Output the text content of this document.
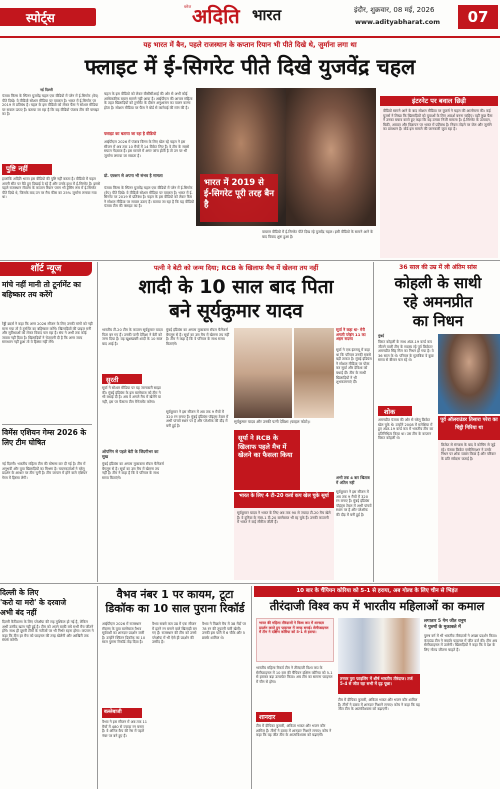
स्पोर्ट्स
ब्लेज अदिति भारत	इंदौर, शुक्रवार, 08 मई, 2026
www.adityabharat.com	07
यह भारत में बैन, पहले राजस्थान के कप्तान रियान भी पीते दिखे थे, जुर्माना लगा था
फ्लाइट में ई-सिगरेट पीते दिखे युजवेंद्र चहल
नई दिल्ली
पंजाब किंग्स के स्पिनर युजवेंद्र चहल एक वीडियो में प्लेन में ई-सिगरेट (वेप) पीते दिखे। ये वीडियो सोशल मीडिया पर वायरल है। भारत में ई-सिगरेट पर 2019 से प्रतिबंध है। चहल के इस वीडियो को लेकर फैंस ने सोशल मीडिया पर सवाल उठाए हैं। बताया जा रहा है कि यह वीडियो पंजाब टीम की फ्लाइट का है।
पुष्टि नहीं
हालांकि अदिति भारत इस वीडियो की पुष्टि नहीं करता है। वीडियो में चहल अपनी सीट पर बैठे हुए दिखाई दे रहे हैं और उनके हाथ में ई-सिगरेट है। इससे पहले राजस्थान रॉयल्स के कप्तान रियान पराग भी ड्रेसिंग रूम में ई-सिगरेट पीते दिखे थे, जिसके बाद उन पर मैच फीस का 25% जुर्माना लगाया गया था।
चहल के इस वीडियो को लेकर बीसीसीआई की ओर से अभी कोई आधिकारिक बयान सामने नहीं आया है। आईपीएल की आचार संहिता के तहत खिलाड़ियों को टूर्नामेंट के दौरान अनुशासन का पालन करना होता है। सोशल मीडिया पर फैंस ने बोर्ड से कार्रवाई की मांग की है।
फ्लाइट का बताया जा रहा है वीडियो
आईपीएल 2026 में पंजाब किंग्स के लिए खेल रहे चहल ने इस सीजन में अब तक 10 मैचों में 14 विकेट लिए हैं। वे टीम के सबसे सफल गेंदबाज हैं। इस मामले में अगर जांच होती है तो उन पर भी जुर्माना लगाया जा सकता है।
प्रो. एक्शन से अपना भी संभव है मामला
पंजाब किंग्स के स्पिनर युजवेंद्र चहल एक वीडियो में प्लेन में ई-सिगरेट (वेप) पीते दिखे। ये वीडियो सोशल मीडिया पर वायरल है। भारत में ई-सिगरेट पर 2019 से प्रतिबंध है। चहल के इस वीडियो को लेकर फैंस ने सोशल मीडिया पर सवाल उठाए हैं। बताया जा रहा है कि यह वीडियो पंजाब टीम की फ्लाइट का है।
भारत में 2019 से ई-सिगरेट पूरी तरह बैन है
वायरल वीडियो में ई-सिगरेट पीते दिख रहे युजवेंद्र चहल। इसी वीडियो के सामने आने के बाद विवाद शुरू हुआ है।
इंटरनेट पर बवाल छिड़ी
वीडियो सामने आने के बाद सोशल मीडिया पर यूजर्स ने चहल की आलोचना की। कई यूजर्स ने लिखा कि खिलाड़ियों को युवाओं के लिए आदर्श बनना चाहिए। वहीं कुछ फैंस ने उनका बचाव करते हुए कहा कि यह उनका निजी मामला है। ई-सिगरेट के उत्पादन, बिक्री, आयात और विज्ञापन पर भारत में प्रतिबंध है। नियम तोड़ने पर जेल और जुर्माने का प्रावधान है। बोर्ड इस मामले की जानकारी जुटा रहा है।
शॉर्ट न्यूज
मांचे नहीं मानी तो टूर्नामेंट का बहिष्कार तय करेंगे
रेड्डी ब्रदर्स ने कहा कि अगर 2026 सीजन के लिए उनकी मांगों को नहीं माना गया तो वे टूर्नामेंट का बहिष्कार करेंगे। खिलाड़ियों की प्राइज मनी और सुविधाओं को लेकर विवाद चल रहा है। संघ ने अभी तक कोई जवाब नहीं दिया है। खिलाड़ियों ने चेतावनी दी है कि अगर जल्द समाधान नहीं हुआ तो वे हिस्सा नहीं लेंगे।
विमेंस एशियन गेम्स 2026 के लिए टीम घोषित
नई दिल्ली। भारतीय महिला टीम की घोषणा कर दी गई है। टीम में अनुभवी और युवा खिलाड़ियों का मिश्रण है। चयनकर्ताओं ने घरेलू प्रदर्शन के आधार पर टीम चुनी है। टीम जापान में होने वाले एशियन गेम्स में हिस्सा लेगी।
पत्नी ने बेटी को जन्म दिया; RCB के खिलाफ मैच में खेलना तय नहीं
शादी के 10 साल बाद पिता
बने सूर्यकुमार यादव
भारतीय टी-20 टीम के कप्तान सूर्यकुमार यादव पिता बन गए हैं। उनकी पत्नी देविशा ने बेटी को जन्म दिया है। यह खुशखबरी शादी के 10 साल बाद आई है।
सुरती
सूर्या ने सोशल मीडिया पर यह जानकारी साझा की। मुंबई इंडियंस के इस बल्लेबाज को टीम ने भी बधाई दी है। अब वे अगले मैच में खेलेंगे या नहीं, इस पर फैसला टीम मैनेजमेंट करेगा।
मुंबई इंडियंस का अगला मुकाबला रॉयल चैलेंजर्स बेंगलुरु से है। सूर्या का उस मैच में खेलना तय नहीं है। टीम ने कहा है कि वे परिवार के साथ समय बिताएंगे।
सूर्या ने कहा था- मेरी अगली प्लेइंग 11 का अहम सदस्य
सूर्या ने एक इंटरव्यू में कहा था कि परिवार उनकी सबसे बड़ी ताकत है। मुंबई इंडियंस ने सोशल मीडिया पर पोस्ट कर सूर्या और देविशा को बधाई दी। टीम के साथी खिलाड़ियों ने भी शुभकामनाएं दीं।
सूर्यकुमार यादव और उनकी पत्नी देविशा (फाइल फोटो)।
ओपनिंग से पहले बेटी के जिंदगीभर का सुख
मुंबई इंडियंस का अगला मुकाबला रॉयल चैलेंजर्स बेंगलुरु से है। सूर्या का उस मैच में खेलना तय नहीं है। टीम ने कहा है कि वे परिवार के साथ समय बिताएंगे।
सूर्यकुमार ने इस सीजन में अब तक 9 मैचों में 320 रन बनाए हैं। मुंबई इंडियंस पॉइंट्स टेबल में अभी पांचवें स्थान पर है और प्लेऑफ की दौड़ में बनी हुई है।
सूर्या ने RCB के खिलाफ पहले मैच में खेलने का फैसला किया
भारत के लिए 4 टी-20 वर्ल्ड कप खेल चुके सूर्या
सूर्यकुमार यादव ने भारत के लिए अब तक 90 से ज्यादा टी-20 मैच खेले हैं। वे दुनिया के नंबर-1 टी-20 बल्लेबाज भी रह चुके हैं। उनकी कप्तानी में भारत ने कई सीरीज जीती हैं।
अभी तक 4 बार खिताब में अंतिम नहीं
सूर्यकुमार ने इस सीजन में अब तक 9 मैचों में 320 रन बनाए हैं। मुंबई इंडियंस पॉइंट्स टेबल में अभी पांचवें स्थान पर है और प्लेऑफ की दौड़ में बनी हुई है।
36 साल की उम्र में ली अंतिम सांस
कोहली के साथी
रहे अमनप्रीत
का निधन
मुंबई
विराट कोहली के साथ अंडर-19 वर्ल्ड कप जीतने वाली टीम के सदस्य रहे पूर्व क्रिकेटर अमनप्रीत सिंह गिल का निधन हो गया है। वे 36 साल के थे। परिवार के मुताबिक वे कुछ समय से बीमार चल रहे थे।
शोक
अमनप्रीत पंजाब की ओर से घरेलू क्रिकेट खेल चुके थे। उन्होंने 2008 में मलेशिया में हुए अंडर-19 वर्ल्ड कप में भारतीय टीम का प्रतिनिधित्व किया था। उस टीम के कप्तान विराट कोहली थे।
पूर्व ऑलराउंडर तिसारा परेरा का चिट्ठी गिरिया था
क्रिकेट से संन्यास के बाद वे कोचिंग से जुड़े रहे। पंजाब क्रिकेट एसोसिएशन ने उनके निधन पर शोक व्यक्त किया है और परिवार के प्रति संवेदना जताई है।
दिल्ली के लिए
'करो या मरो' के दरवाजे
अभी बंद नहीं
दिल्ली कैपिटल्स के लिए प्लेऑफ की राह मुश्किल हो गई है, लेकिन अभी उम्मीद खत्म नहीं हुई है। टीम को अपने बाकी बचे सभी मैच जीतने होंगे। साथ ही दूसरी टीमों के नतीजों पर भी निर्भर रहना होगा। कप्तान ने कहा कि टीम हर मैच को फाइनल की तरह खेलेगी और आखिरी तक संघर्ष करेगी।
वैभव नंबर 1 पर कायम, टूटा
डिकॉक का 10 साल पुराना रिकॉर्ड
आईपीएल 2026 में राजस्थान रॉयल्स के युवा बल्लेबाज वैभव सूर्यवंशी का शानदार प्रदर्शन जारी है। उन्होंने क्विंटन डिकॉक का 10 साल पुराना रिकॉर्ड तोड़ दिया है।
बल्लेबाजी
वैभव ने इस सीजन में अब तक 11 मैचों में 480 से ज्यादा रन बनाए हैं। वे ऑरेंज कैप की रेस में पहले नंबर पर बने हुए हैं।
वैभव सबसे कम उम्र में एक सीजन में इतने रन बनाने वाले खिलाड़ी बन गए हैं। राजस्थान की टीम को उनसे प्लेऑफ में भी ऐसे ही प्रदर्शन की उम्मीद है।
वैभव ने पिछले मैच में 38 गेंदों पर 78 रन की तूफानी पारी खेली। उनकी इस पारी में 6 चौके और 5 छक्के शामिल थे।
10 बार के चैंपियन कोरिया को 5-1 से हराया, अब गोल्ड के लिए चीन से भिड़ंत
तीरंदाजी विश्व कप में भारतीय महिलाओं का कमाल
भारत की महिला तीरंदाजों ने विश्व कप में शानदार प्रदर्शन करते हुए फाइनल में जगह बनाई। सेमीफाइनल में टीम ने दक्षिण कोरिया को 5-1 से हराया।
भारतीय महिला रिकर्व टीम ने तीरंदाजी विश्व कप के सेमीफाइनल में 10 बार की चैंपियन दक्षिण कोरिया को 5-1 से हराकर बड़ा उलटफेर किया। अब टीम का सामना फाइनल में चीन से होगा।
शानदार
टीम में दीपिका कुमारी, अंकिता भकत और भजन कौर शामिल हैं। तीनों ने दबाव में शानदार निशाने लगाए। कोच ने कहा कि यह जीत टीम के आत्मविश्वास को बढ़ाएगी।
तनवर पुरा फाइलिंग में शीर्ष भारतीय तीरंदाज। तर्ज 5-4 से जीत रहा सभी में दृढ़ पूछा।
टीम में दीपिका कुमारी, अंकिता भकत और भजन कौर शामिल हैं। तीनों ने दबाव में शानदार निशाने लगाए। कोच ने कहा कि यह जीत टीम के आत्मविश्वास को बढ़ाएगी।
लगातार 5 गेम जीत धनुष
ने पुरुषों के मुकाबले में
पुरुष वर्ग में भी भारतीय तीरंदाजों ने अच्छा प्रदर्शन किया। कंपाउंड टीम ने क्वार्टर फाइनल में जीत दर्ज की। टीम अब सेमीफाइनल में उतरेगी। खिलाड़ियों ने कहा कि वे देश के लिए गोल्ड जीतना चाहते हैं।
